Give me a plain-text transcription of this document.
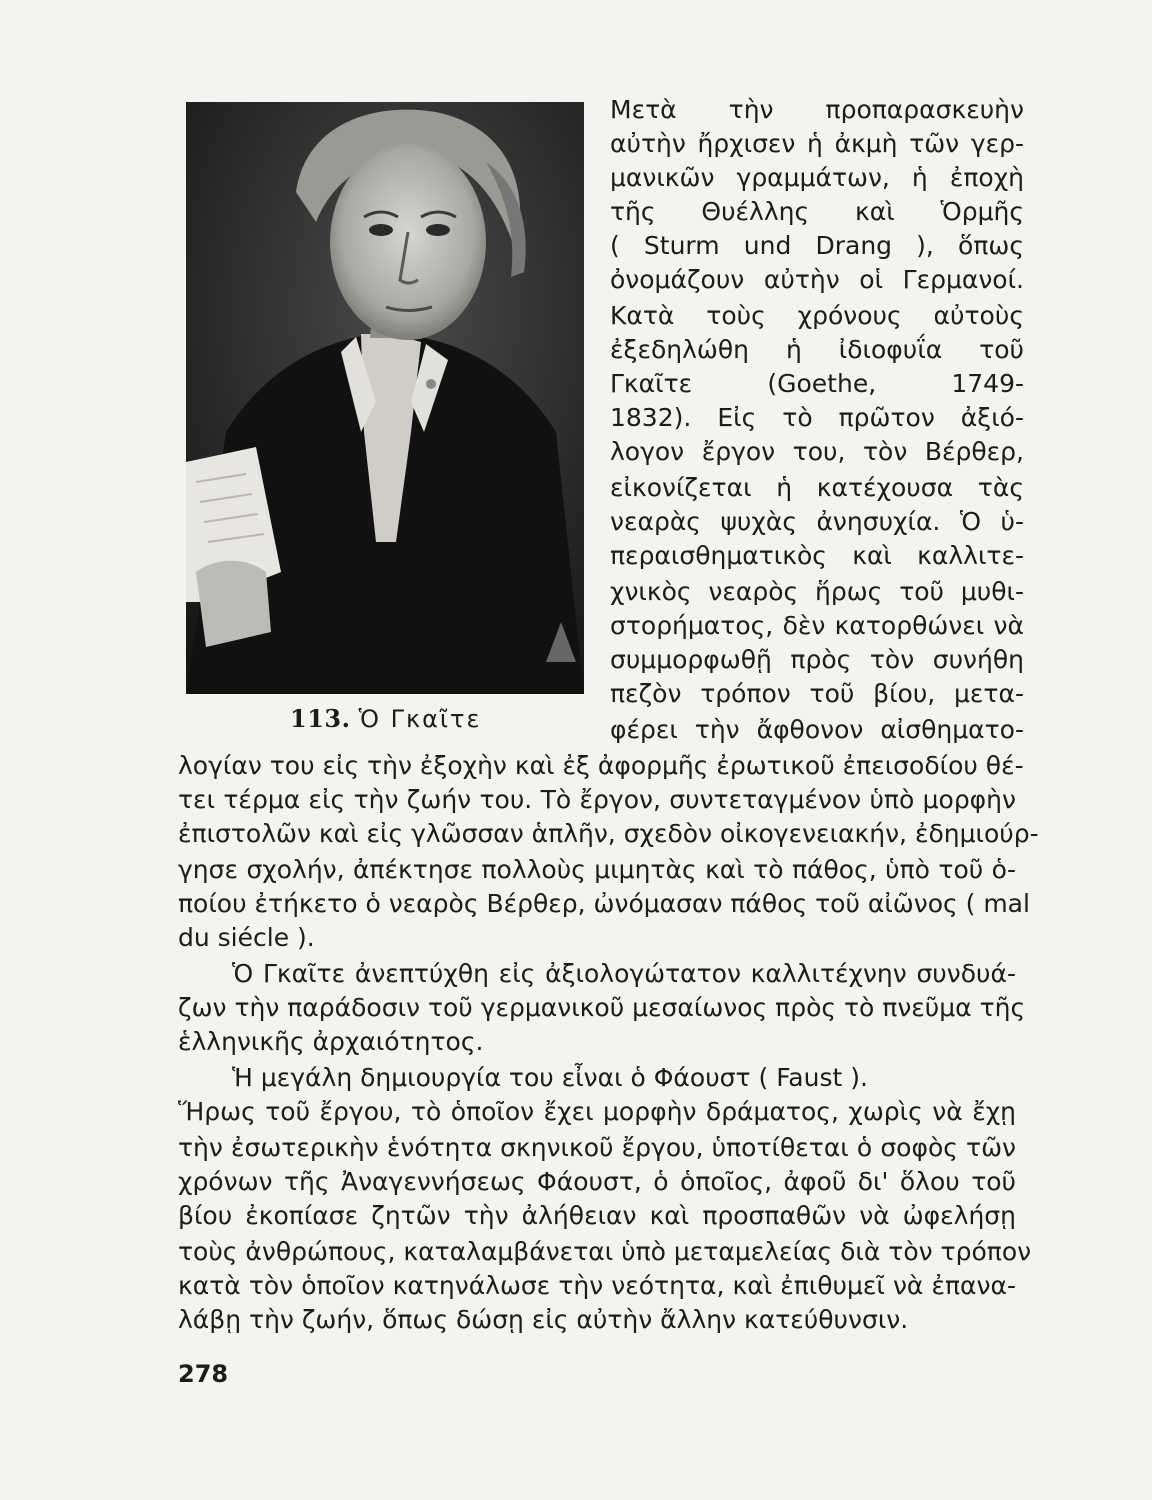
113. Ὁ Γκαῖτε
Μετὰ τὴν προπαρασκευὴν
αὐτὴν ἤρχισεν ἡ ἀκμὴ τῶν γερ-
μανικῶν γραμμάτων, ἡ ἐποχὴ
τῆς Θυέλλης καὶ Ὁρμῆς
( Sturm und Drang ), ὅπως
ὀνομάζουν αὐτὴν οἱ Γερμανοί.
Κατὰ τοὺς χρόνους αὐτοὺς
ἐξεδηλώθη ἡ ἰδιοφυΐα τοῦ
Γκαῖτε (Goethe, 1749-
1832). Εἰς τὸ πρῶτον ἀξιό-
λογον ἔργον του, τὸν Βέρθερ,
εἰκονίζεται ἡ κατέχουσα τὰς
νεαρὰς ψυχὰς ἀνησυχία. Ὁ ὑ-
περαισθηματικὸς καὶ καλλιτε-
χνικὸς νεαρὸς ἥρως τοῦ μυθι-
στορήματος, δὲν κατορθώνει νὰ
συμμορφωθῇ πρὸς τὸν συνήθη
πεζὸν τρόπον τοῦ βίου, μετα-
φέρει τὴν ἄφθονον αἰσθηματο-
λογίαν του εἰς τὴν ἐξοχὴν καὶ ἐξ ἀφορμῆς ἐρωτικοῦ ἐπεισοδίου θέ-
τει τέρμα εἰς τὴν ζωήν του. Τὸ ἔργον, συντεταγμένον ὑπὸ μορφὴν
ἐπιστολῶν καὶ εἰς γλῶσσαν ἁπλῆν, σχεδὸν οἰκογενειακήν, ἐδημιούρ-
γησε σχολήν, ἀπέκτησε πολλοὺς μιμητὰς καὶ τὸ πάθος, ὑπὸ τοῦ ὁ-
ποίου ἐτήκετο ὁ νεαρὸς Βέρθερ, ὠνόμασαν πάθος τοῦ αἰῶνος ( mal
du siécle ).
Ὁ Γκαῖτε ἀνεπτύχθη εἰς ἀξιολογώτατον καλλιτέχνην συνδυά-
ζων τὴν παράδοσιν τοῦ γερμανικοῦ μεσαίωνος πρὸς τὸ πνεῦμα τῆς
ἑλληνικῆς ἀρχαιότητος.
Ἡ μεγάλη δημιουργία του εἶναι ὁ Φάουστ ( Faust ).
Ἥρως τοῦ ἔργου, τὸ ὁποῖον ἔχει μορφὴν δράματος, χωρὶς νὰ ἔχῃ
τὴν ἐσωτερικὴν ἑνότητα σκηνικοῦ ἔργου, ὑποτίθεται ὁ σοφὸς τῶν
χρόνων τῆς Ἀναγεννήσεως Φάουστ, ὁ ὁποῖος, ἀφοῦ δι' ὅλου τοῦ
βίου ἐκοπίασε ζητῶν τὴν ἀλήθειαν καὶ προσπαθῶν νὰ ὠφελήσῃ
τοὺς ἀνθρώπους, καταλαμβάνεται ὑπὸ μεταμελείας διὰ τὸν τρόπον
κατὰ τὸν ὁποῖον κατηνάλωσε τὴν νεότητα, καὶ ἐπιθυμεῖ νὰ ἐπανα-
λάβῃ τὴν ζωήν, ὅπως δώσῃ εἰς αὐτὴν ἄλλην κατεύθυνσιν.
278
